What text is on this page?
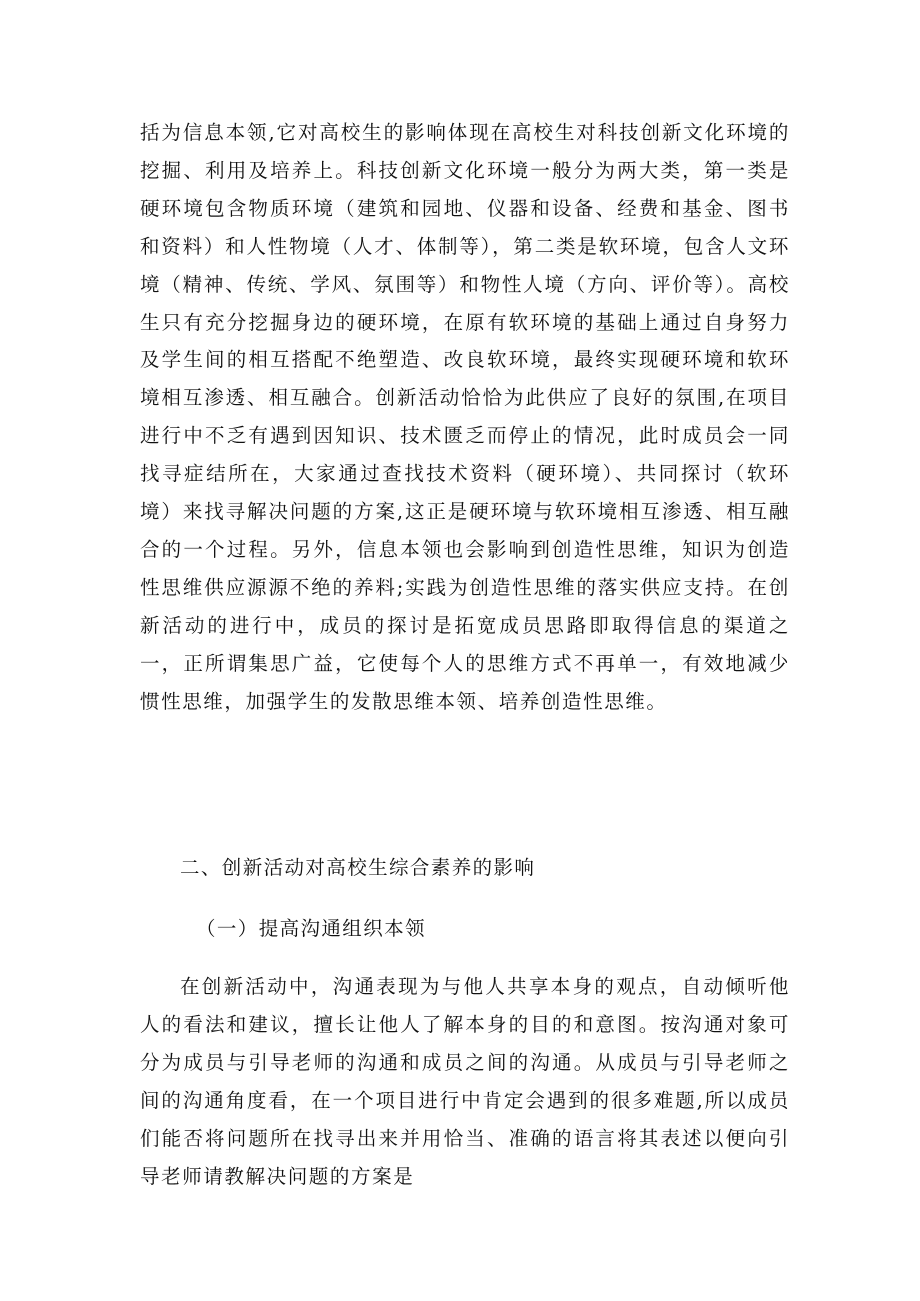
括为信息本领,它对高校生的影响体现在高校生对科技创新文化环境的挖掘、利用及培养上。科技创新文化环境一般分为两大类，第一类是硬环境包含物质环境（建筑和园地、仪器和设备、经费和基金、图书和资料）和人性物境（人才、体制等），第二类是软环境，包含人文环境（精神、传统、学风、氛围等）和物性人境（方向、评价等）。高校生只有充分挖掘身边的硬环境，在原有软环境的基础上通过自身努力及学生间的相互搭配不绝塑造、改良软环境，最终实现硬环境和软环境相互渗透、相互融合。创新活动恰恰为此供应了良好的氛围,在项目进行中不乏有遇到因知识、技术匮乏而停止的情况，此时成员会一同找寻症结所在，大家通过查找技术资料（硬环境）、共同探讨（软环境）来找寻解决问题的方案,这正是硬环境与软环境相互渗透、相互融合的一个过程。另外，信息本领也会影响到创造性思维，知识为创造性思维供应源源不绝的养料;实践为创造性思维的落实供应支持。在创新活动的进行中，成员的探讨是拓宽成员思路即取得信息的渠道之一，正所谓集思广益，它使每个人的思维方式不再单一，有效地减少惯性思维，加强学生的发散思维本领、培养创造性思维。

二、创新活动对高校生综合素养的影响

（一）提高沟通组织本领

在创新活动中，沟通表现为与他人共享本身的观点，自动倾听他人的看法和建议，擅长让他人了解本身的目的和意图。按沟通对象可分为成员与引导老师的沟通和成员之间的沟通。从成员与引导老师之间的沟通角度看，在一个项目进行中肯定会遇到的很多难题,所以成员们能否将问题所在找寻出来并用恰当、准确的语言将其表述以便向引导老师请教解决问题的方案是
